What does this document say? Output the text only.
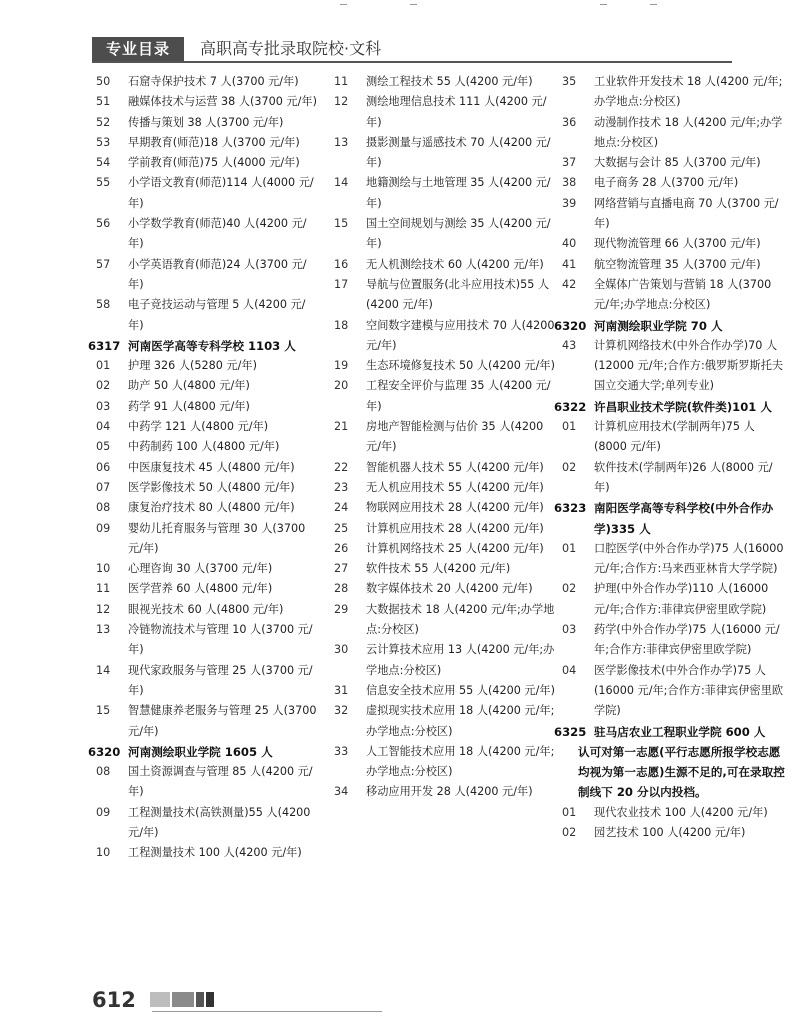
专业目录	高职高专批录取院校·文科
50	石窟寺保护技术 7 人(3700 元/年)
51	融媒体技术与运营 38 人(3700 元/年)
52	传播与策划 38 人(3700 元/年)
53	早期教育(师范)18 人(3700 元/年)
54	学前教育(师范)75 人(4000 元/年)
55	小学语文教育(师范)114 人(4000 元/年)
56	小学数学教育(师范)40 人(4200 元/年)
57	小学英语教育(师范)24 人(3700 元/年)
58	电子竞技运动与管理 5 人(4200 元/年)
6317 河南医学高等专科学校 1103 人
01	护理 326 人(5280 元/年)
02	助产 50 人(4800 元/年)
03	药学 91 人(4800 元/年)
04	中药学 121 人(4800 元/年)
05	中药制药 100 人(4800 元/年)
06	中医康复技术 45 人(4800 元/年)
07	医学影像技术 50 人(4800 元/年)
08	康复治疗技术 80 人(4800 元/年)
09	婴幼儿托育服务与管理 30 人(3700 元/年)
10	心理咨询 30 人(3700 元/年)
11	医学营养 60 人(4800 元/年)
12	眼视光技术 60 人(4800 元/年)
13	冷链物流技术与管理 10 人(3700 元/年)
14	现代家政服务与管理 25 人(3700 元/年)
15	智慧健康养老服务与管理 25 人(3700 元/年)
6320 河南测绘职业学院 1605 人
08	国土资源调查与管理 85 人(4200 元/年)
09	工程测量技术(高铁测量)55 人(4200 元/年)
10	工程测量技术 100 人(4200 元/年)
11	测绘工程技术 55 人(4200 元/年)
12	测绘地理信息技术 111 人(4200 元/年)
13	摄影测量与遥感技术 70 人(4200 元/年)
14	地籍测绘与土地管理 35 人(4200 元/年)
15	国土空间规划与测绘 35 人(4200 元/年)
16	无人机测绘技术 60 人(4200 元/年)
17	导航与位置服务(北斗应用技术)55 人(4200 元/年)
18	空间数字建模与应用技术 70 人(4200 元/年)
19	生态环境修复技术 50 人(4200 元/年)
20	工程安全评价与监理 35 人(4200 元/年)
21	房地产智能检测与估价 35 人(4200 元/年)
22	智能机器人技术 55 人(4200 元/年)
23	无人机应用技术 55 人(4200 元/年)
24	物联网应用技术 28 人(4200 元/年)
25	计算机应用技术 28 人(4200 元/年)
26	计算机网络技术 25 人(4200 元/年)
27	软件技术 55 人(4200 元/年)
28	数字媒体技术 20 人(4200 元/年)
29	大数据技术 18 人(4200 元/年;办学地点:分校区)
30	云计算技术应用 13 人(4200 元/年;办学地点:分校区)
31	信息安全技术应用 55 人(4200 元/年)
32	虚拟现实技术应用 18 人(4200 元/年;办学地点:分校区)
33	人工智能技术应用 18 人(4200 元/年;办学地点:分校区)
34	移动应用开发 28 人(4200 元/年)
35	工业软件开发技术 18 人(4200 元/年;办学地点:分校区)
36	动漫制作技术 18 人(4200 元/年;办学地点:分校区)
37	大数据与会计 85 人(3700 元/年)
38	电子商务 28 人(3700 元/年)
39	网络营销与直播电商 70 人(3700 元/年)
40	现代物流管理 66 人(3700 元/年)
41	航空物流管理 35 人(3700 元/年)
42	全媒体广告策划与营销 18 人(3700 元/年;办学地点:分校区)
6320 河南测绘职业学院 70 人
43	计算机网络技术(中外合作办学)70 人(12000 元/年;合作方:俄罗斯罗斯托夫国立交通大学;单列专业)
6322 许昌职业技术学院(软件类)101 人
01	计算机应用技术(学制两年)75 人(8000 元/年)
02	软件技术(学制两年)26 人(8000 元/年)
6323 南阳医学高等专科学校(中外合作办学)335 人
01	口腔医学(中外合作办学)75 人(16000 元/年;合作方:马来西亚林肯大学学院)
02	护理(中外合作办学)110 人(16000 元/年;合作方:菲律宾伊密里欧学院)
03	药学(中外合作办学)75 人(16000 元/年;合作方:菲律宾伊密里欧学院)
04	医学影像技术(中外合作办学)75 人(16000 元/年;合作方:菲律宾伊密里欧学院)
6325 驻马店农业工程职业学院 600 人
认可对第一志愿(平行志愿所报学校志愿均视为第一志愿)生源不足的,可在录取控制线下 20 分以内投档。
01	现代农业技术 100 人(4200 元/年)
02	园艺技术 100 人(4200 元/年)
612
